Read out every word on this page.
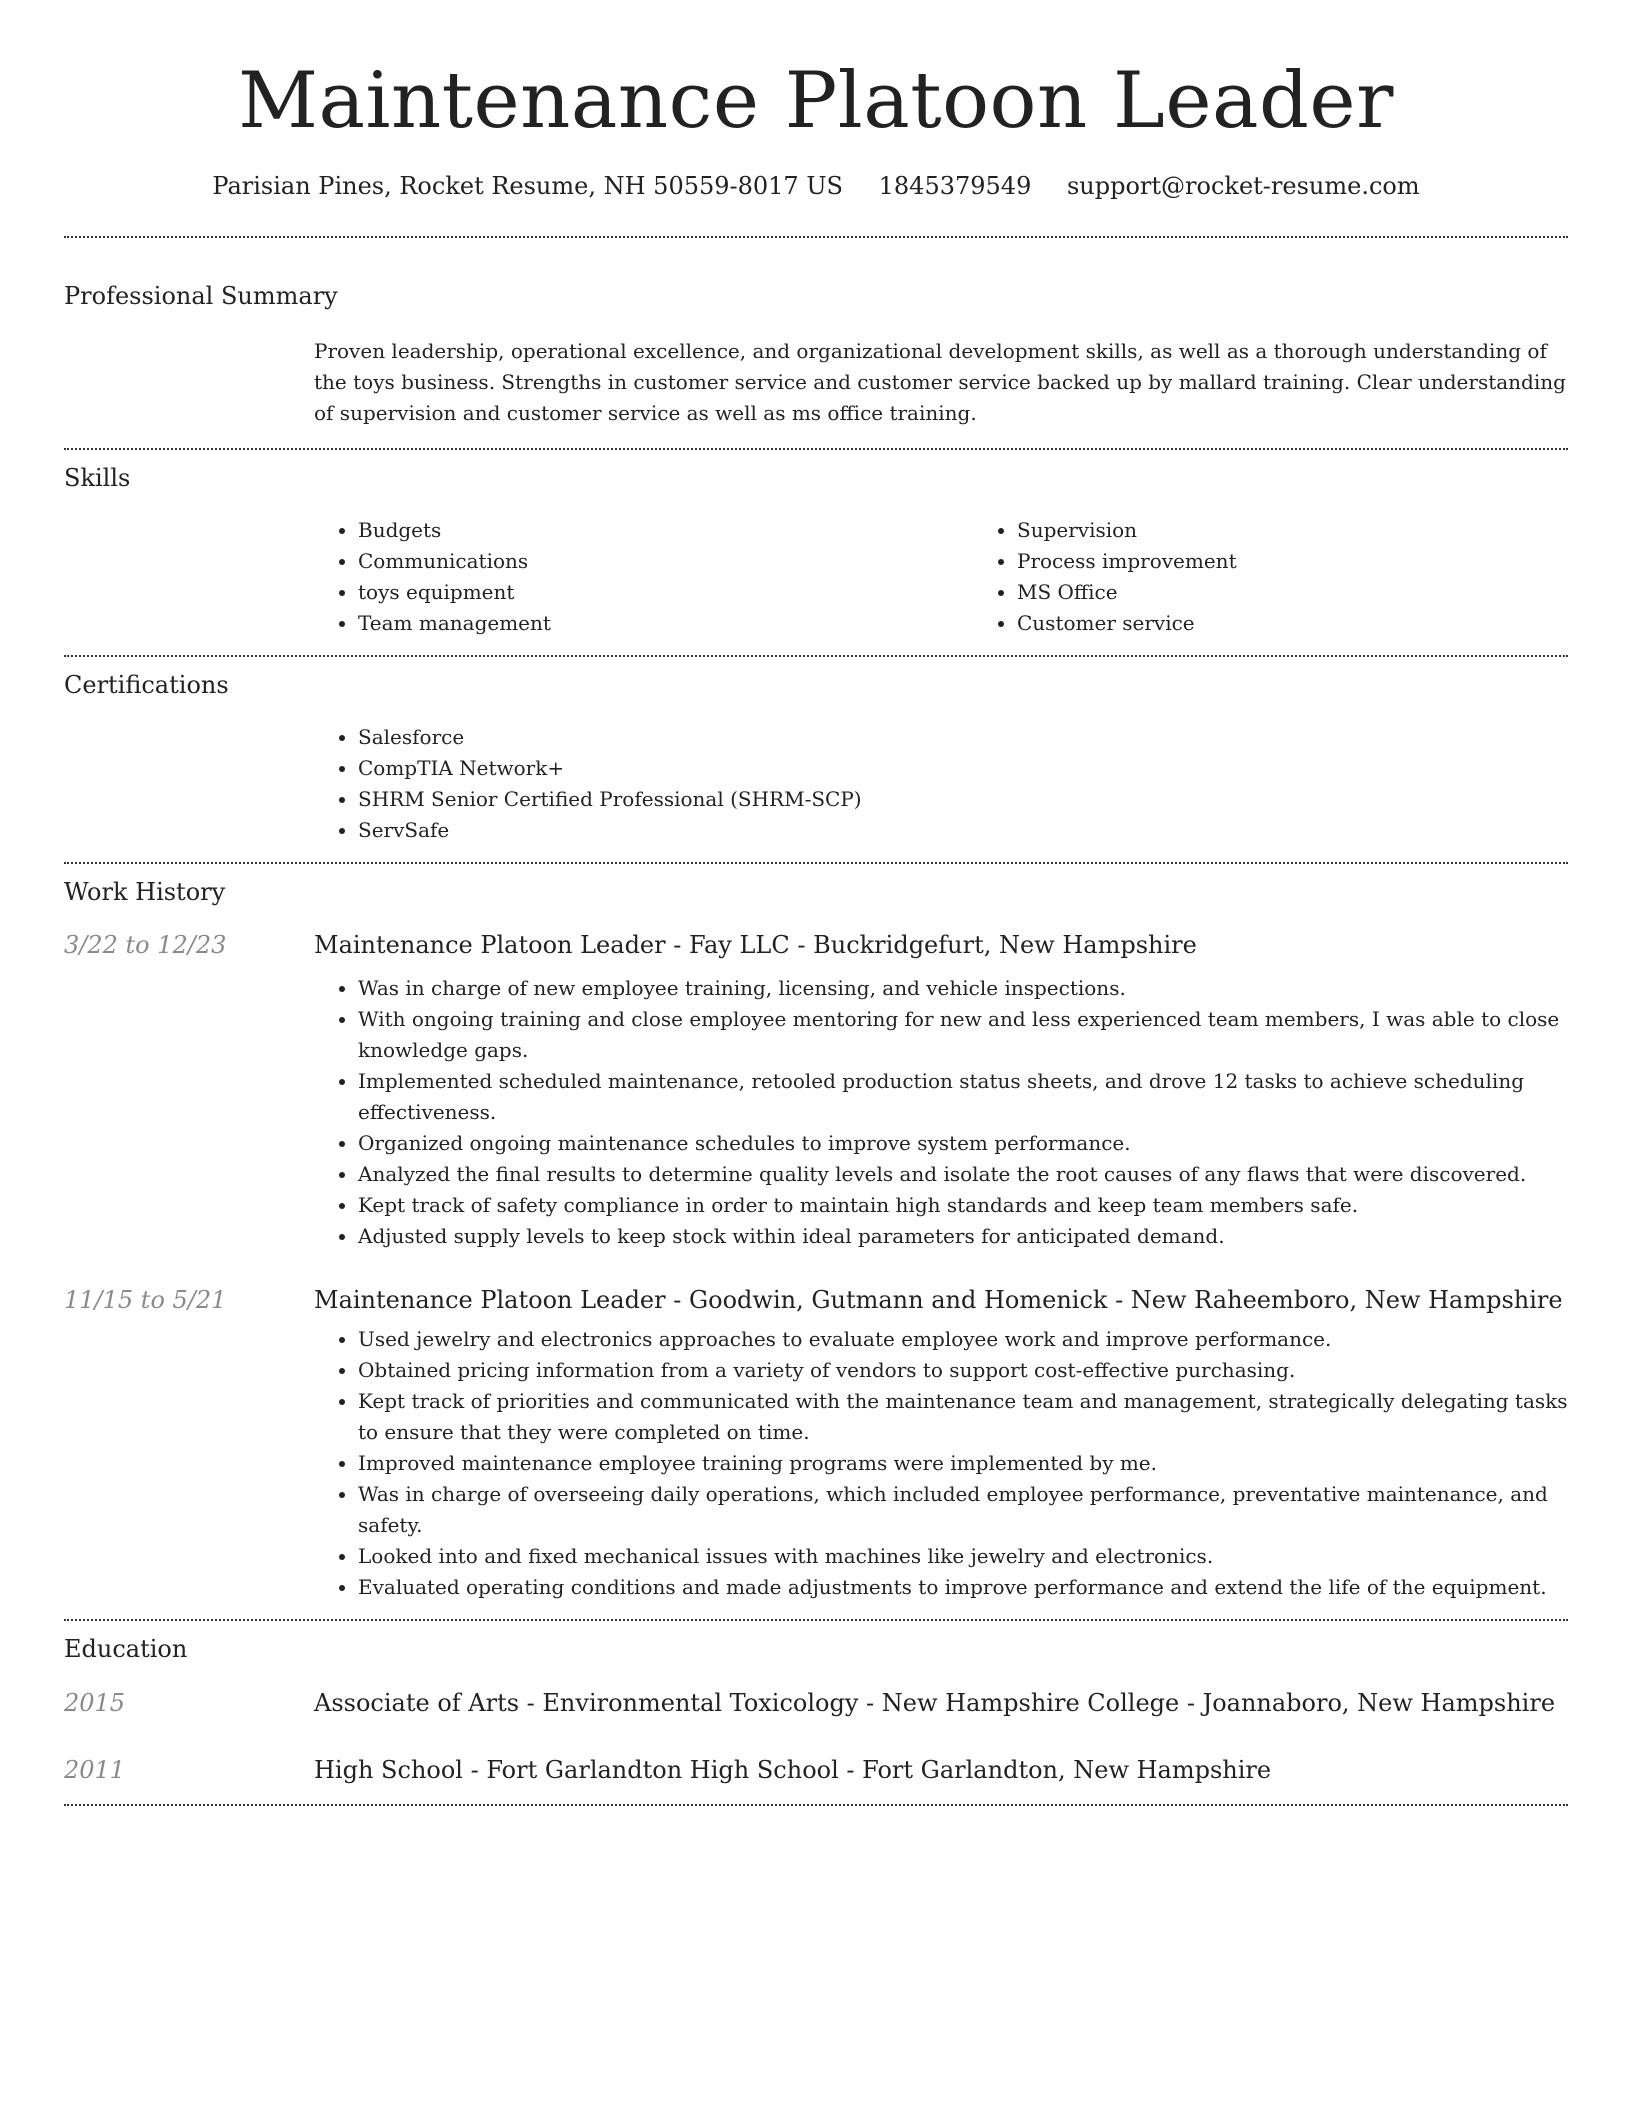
Maintenance Platoon Leader
Parisian Pines, Rocket Resume, NH 50559-8017 US 1845379549 support@rocket-resume.com
Professional Summary

Proven leadership, operational excellence, and organizational development skills, as well as a thorough understanding of the toys business. Strengths in customer service and customer service backed up by mallard training. Clear understanding of supervision and customer service as well as ms office training.

Skills
• Budgets
• Communications
• toys equipment
• Team management
• Supervision
• Process improvement
• MS Office
• Customer service
Certifications
• Salesforce
• CompTIA Network+
• SHRM Senior Certified Professional (SHRM-SCP)
• ServSafe
Work History
3/22 to 12/23	Maintenance Platoon Leader - Fay LLC - Buckridgefurt, New Hampshire
• Was in charge of new employee training, licensing, and vehicle inspections.
• With ongoing training and close employee mentoring for new and less experienced team members, I was able to close knowledge gaps.
• Implemented scheduled maintenance, retooled production status sheets, and drove 12 tasks to achieve scheduling effectiveness.
• Organized ongoing maintenance schedules to improve system performance.
• Analyzed the final results to determine quality levels and isolate the root causes of any flaws that were discovered.
• Kept track of safety compliance in order to maintain high standards and keep team members safe.
• Adjusted supply levels to keep stock within ideal parameters for anticipated demand.
11/15 to 5/21	Maintenance Platoon Leader - Goodwin, Gutmann and Homenick - New Raheemboro, New Hampshire
• Used jewelry and electronics approaches to evaluate employee work and improve performance.
• Obtained pricing information from a variety of vendors to support cost-effective purchasing.
• Kept track of priorities and communicated with the maintenance team and management, strategically delegating tasks to ensure that they were completed on time.
• Improved maintenance employee training programs were implemented by me.
• Was in charge of overseeing daily operations, which included employee performance, preventative maintenance, and safety.
• Looked into and fixed mechanical issues with machines like jewelry and electronics.
• Evaluated operating conditions and made adjustments to improve performance and extend the life of the equipment.
Education
2015	Associate of Arts - Environmental Toxicology - New Hampshire College - Joannaboro, New Hampshire
2011	High School - Fort Garlandton High School - Fort Garlandton, New Hampshire
